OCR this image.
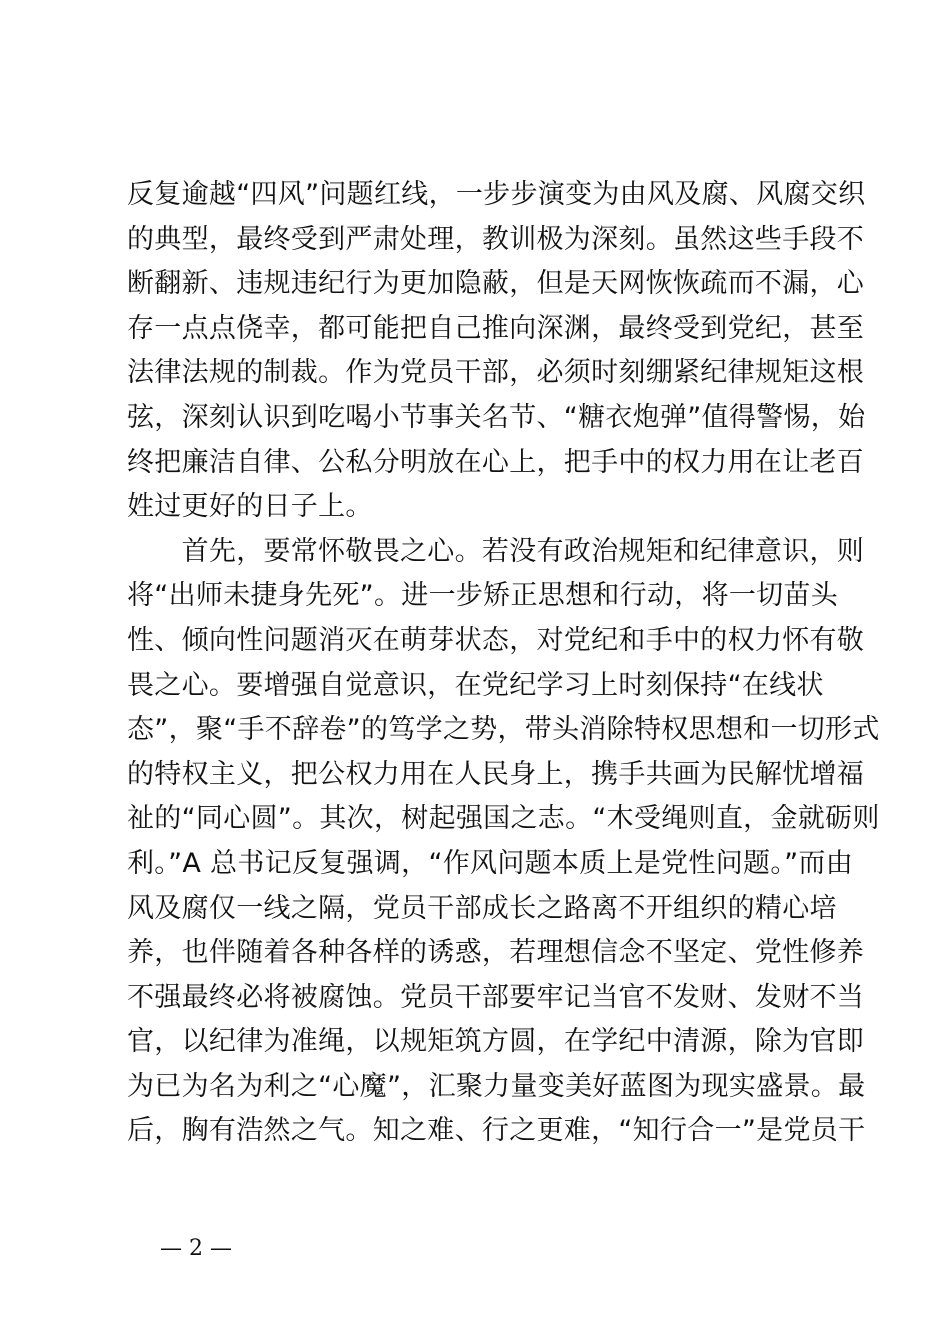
反复逾越“四风”问题红线，一步步演变为由风及腐、风腐交织
的典型，最终受到严肃处理，教训极为深刻。虽然这些手段不
断翻新、违规违纪行为更加隐蔽，但是天网恢恢疏而不漏，心
存一点点侥幸，都可能把自己推向深渊，最终受到党纪，甚至
法律法规的制裁。作为党员干部，必须时刻绷紧纪律规矩这根
弦，深刻认识到吃喝小节事关名节、“糖衣炮弹”值得警惕，始
终把廉洁自律、公私分明放在心上，把手中的权力用在让老百
姓过更好的日子上。
　　首先，要常怀敬畏之心。若没有政治规矩和纪律意识，则
将“出师未捷身先死”。进一步矫正思想和行动，将一切苗头
性、倾向性问题消灭在萌芽状态，对党纪和手中的权力怀有敬
畏之心。要增强自觉意识，在党纪学习上时刻保持“在线状
态”，聚“手不辞卷”的笃学之势，带头消除特权思想和一切形式
的特权主义，把公权力用在人民身上，携手共画为民解忧增福
祉的“同心圆”。其次，树起强国之志。“木受绳则直，金就砺则
利。”A 总书记反复强调，“作风问题本质上是党性问题。”而由
风及腐仅一线之隔，党员干部成长之路离不开组织的精心培
养，也伴随着各种各样的诱惑，若理想信念不坚定、党性修养
不强最终必将被腐蚀。党员干部要牢记当官不发财、发财不当
官，以纪律为准绳，以规矩筑方圆，在学纪中清源，除为官即
为已为名为利之“心魔”，汇聚力量变美好蓝图为现实盛景。最
后，胸有浩然之气。知之难、行之更难，“知行合一”是党员干
— 2 —
